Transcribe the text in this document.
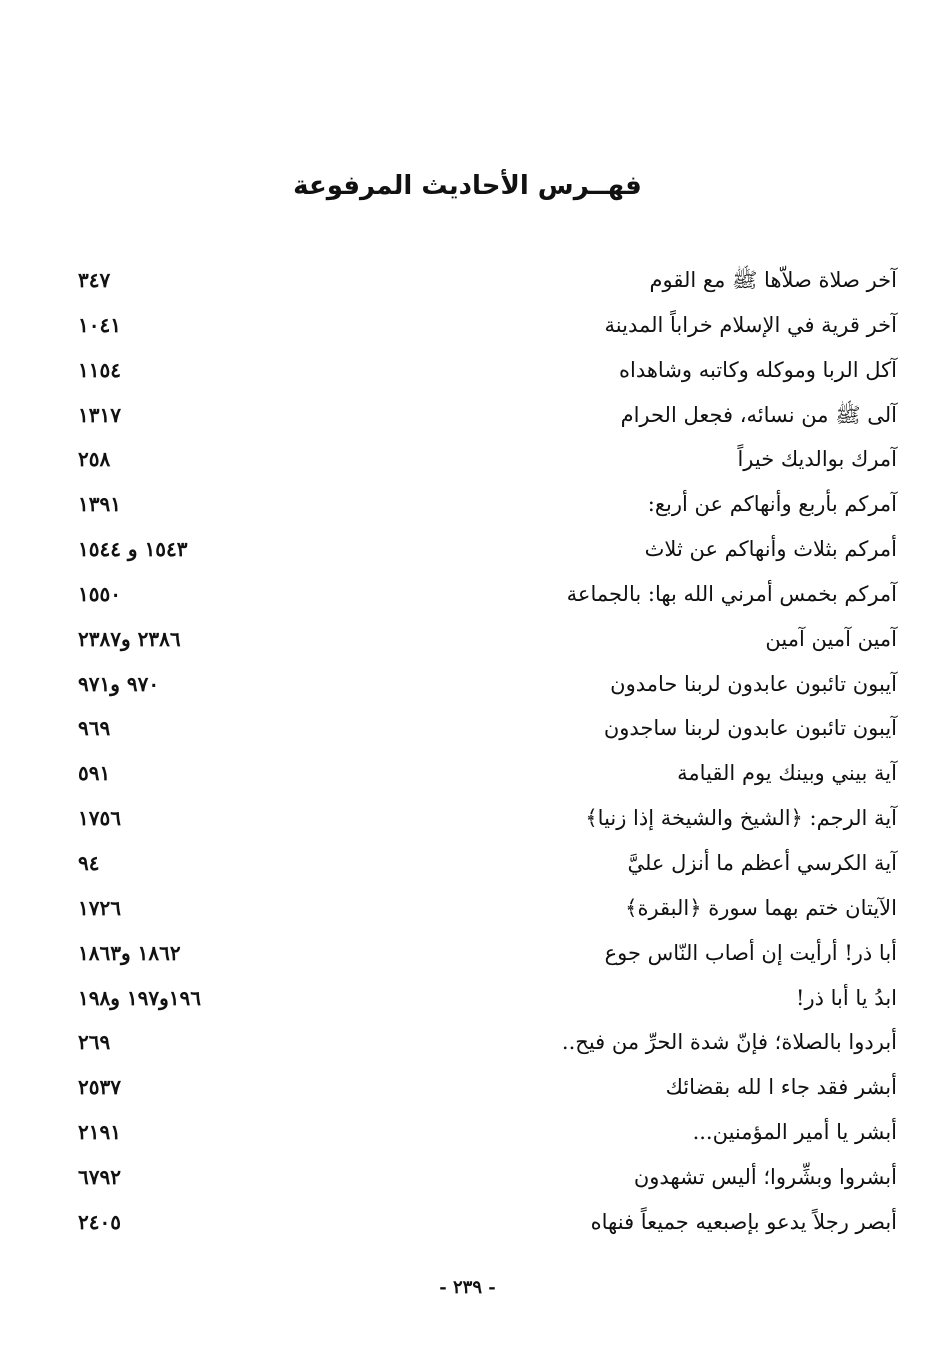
فهــرس الأحاديث المرفوعة
آخر صلاة صلاّها ﷺ مع القوم
٣٤٧
آخر قرية في الإسلام خراباً المدينة
١٠٤١
آكل الربا وموكله وكاتبه وشاهداه
١١٥٤
آلى ﷺ من نسائه، فجعل الحرام
١٣١٧
آمرك بوالديك خيراً
٢٥٨
آمركم بأربع وأنهاكم عن أربع:
١٣٩١
أمركم بثلاث وأنهاكم عن ثلاث
١٥٤٣ و ١٥٤٤
آمركم بخمس أمرني الله بها: بالجماعة
١٥٥٠
آمين آمين آمين
٢٣٨٦ و٢٣٨٧
آيبون تائبون عابدون لربنا حامدون
٩٧٠ و٩٧١
آيبون تائبون عابدون لربنا ساجدون
٩٦٩
آية بيني وبينك يوم القيامة
٥٩١
آية الرجم: ﴿الشيخ والشيخة إذا زنيا﴾
١٧٥٦
آية الكرسي أعظم ما أنزل عليَّ
٩٤
الآيتان ختم بهما سورة ﴿البقرة﴾
١٧٢٦
أبا ذر! أرأيت إن أصاب النّاس جوع
١٨٦٢ و١٨٦٣
ابدُ يا أبا ذر!
١٩٦و١٩٧ و١٩٨
أبردوا بالصلاة؛ فإنّ شدة الحرِّ من فيح..
٢٦٩
أبشر فقد جاء ا لله بقضائك
٢٥٣٧
أبشر يا أمير المؤمنين...
٢١٩١
أبشروا وبشِّروا؛ أليس تشهدون
٦٧٩٢
أبصر رجلاً يدعو بإصبعيه جميعاً فنهاه
٢٤٠٥
- ٢٣٩ -
